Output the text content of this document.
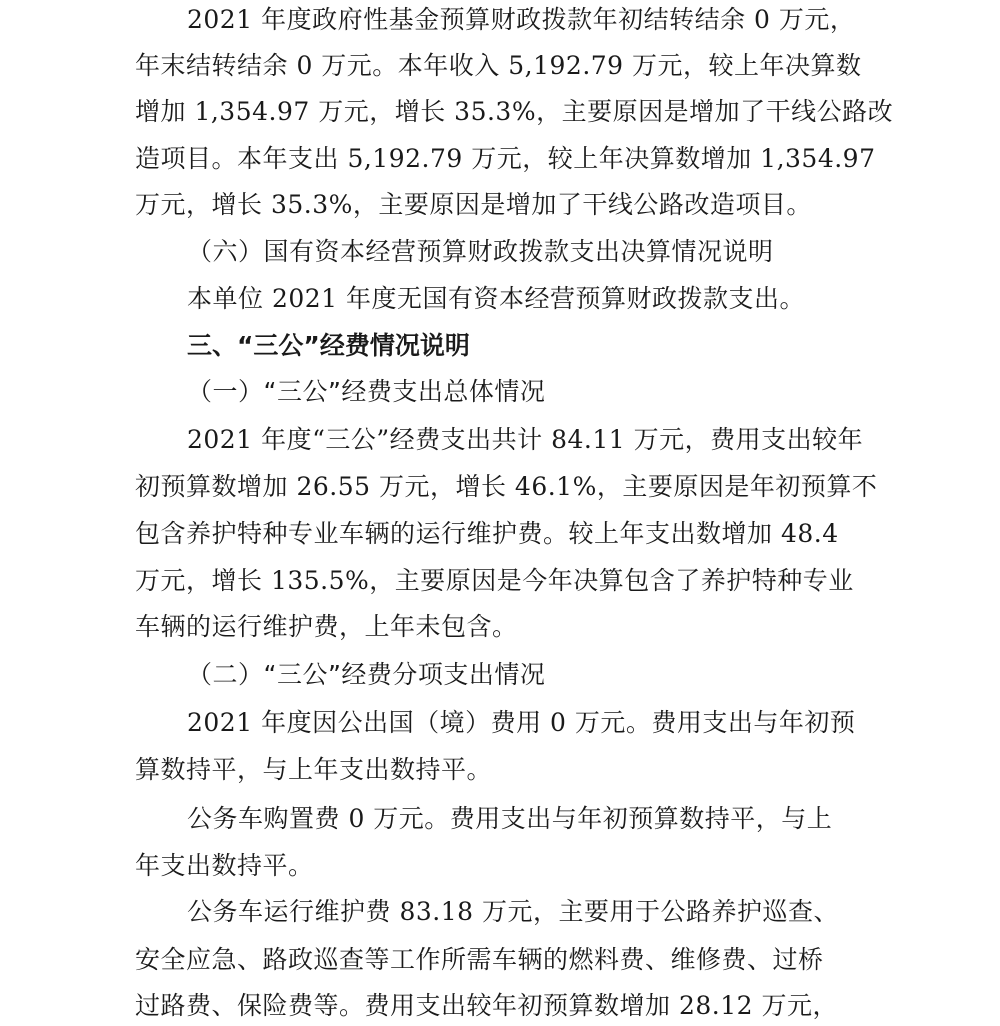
2021 年度政府性基金预算财政拨款年初结转结余 0 万元，
年末结转结余 0 万元。本年收入 5,192.79 万元，较上年决算数
增加 1,354.97 万元，增长 35.3%，主要原因是增加了干线公路改
造项目。本年支出 5,192.79 万元，较上年决算数增加 1,354.97
万元，增长 35.3%，主要原因是增加了干线公路改造项目。
（六）国有资本经营预算财政拨款支出决算情况说明
本单位 2021 年度无国有资本经营预算财政拨款支出。
三、“三公”经费情况说明
（一）“三公”经费支出总体情况
2021 年度“三公”经费支出共计 84.11 万元，费用支出较年
初预算数增加 26.55 万元，增长 46.1%，主要原因是年初预算不
包含养护特种专业车辆的运行维护费。较上年支出数增加 48.4
万元，增长 135.5%，主要原因是今年决算包含了养护特种专业
车辆的运行维护费，上年未包含。
（二）“三公”经费分项支出情况
2021 年度因公出国（境）费用 0 万元。费用支出与年初预
算数持平，与上年支出数持平。
公务车购置费 0 万元。费用支出与年初预算数持平，与上
年支出数持平。
公务车运行维护费 83.18 万元，主要用于公路养护巡查、
安全应急、路政巡查等工作所需车辆的燃料费、维修费、过桥
过路费、保险费等。费用支出较年初预算数增加 28.12 万元，
